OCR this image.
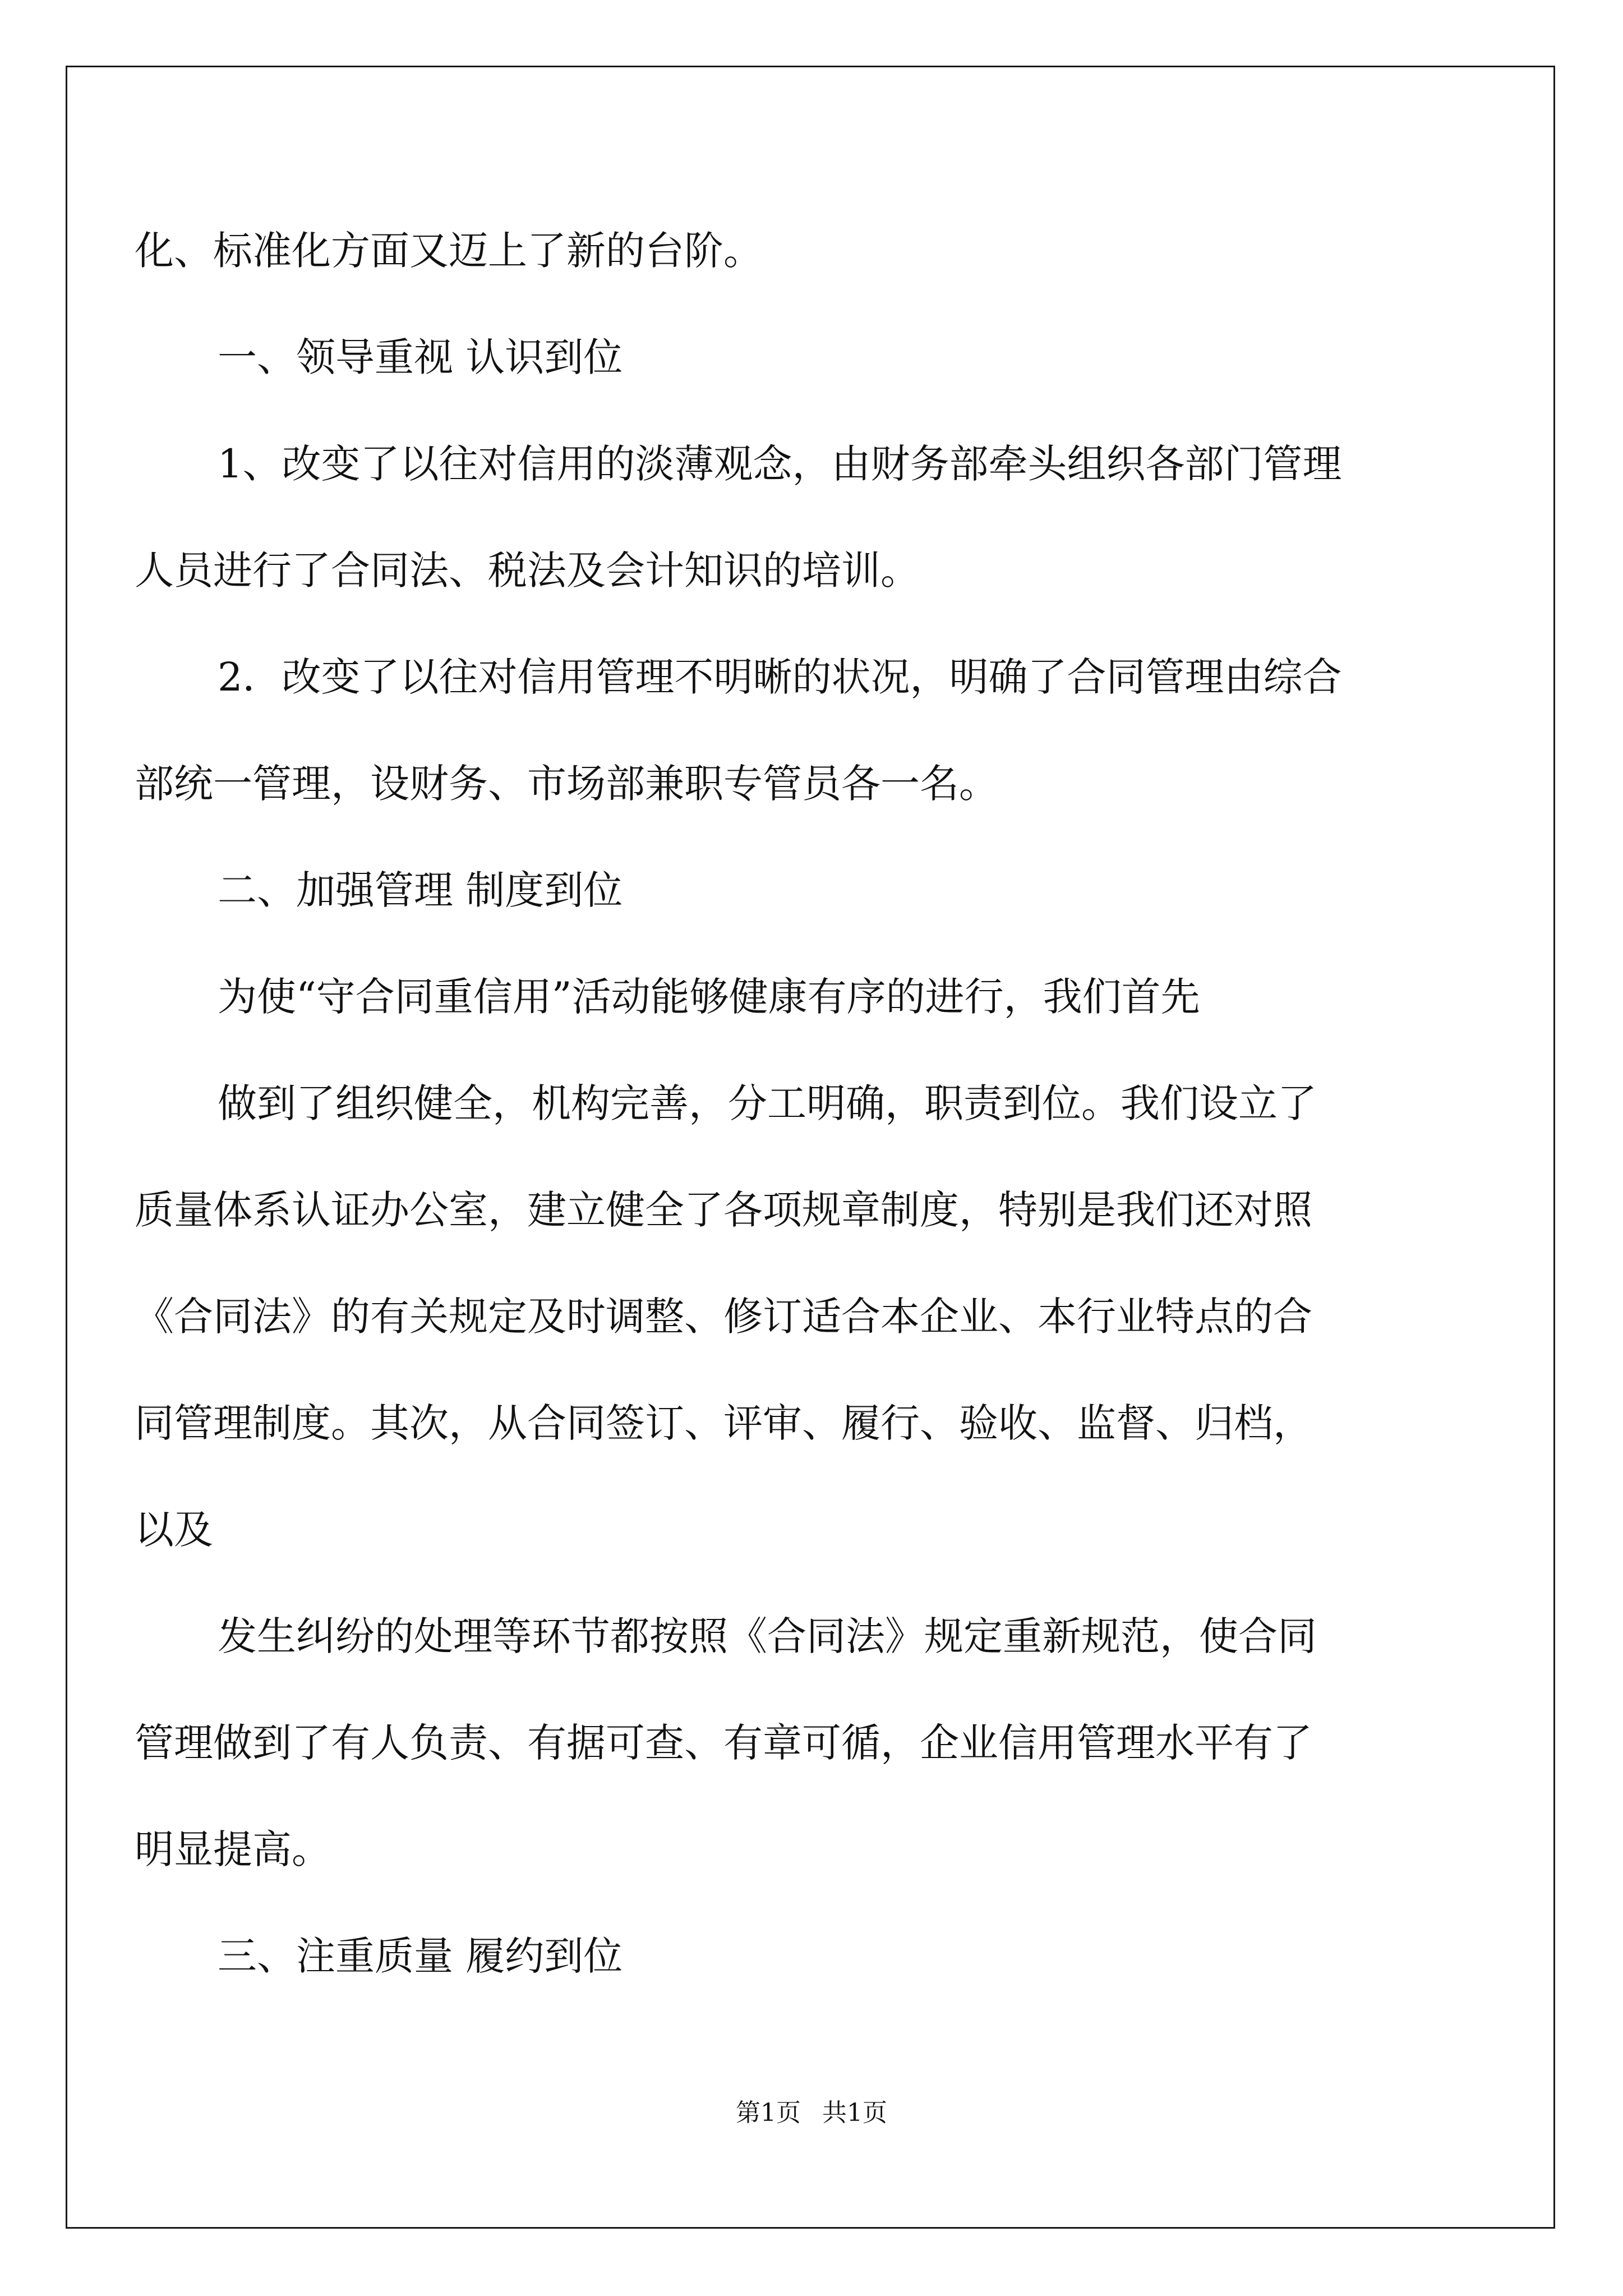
化、标准化方面又迈上了新的台阶。
一、领导重视 认识到位
1、改变了以往对信用的淡薄观念，由财务部牵头组织各部门管理
人员进行了合同法、税法及会计知识的培训。
2．改变了以往对信用管理不明晰的状况，明确了合同管理由综合
部统一管理，设财务、市场部兼职专管员各一名。
二、加强管理 制度到位
为使“守合同重信用”活动能够健康有序的进行，我们首先
做到了组织健全，机构完善，分工明确，职责到位。我们设立了
质量体系认证办公室，建立健全了各项规章制度，特别是我们还对照
《合同法》的有关规定及时调整、修订适合本企业、本行业特点的合
同管理制度。其次，从合同签订、评审、履行、验收、监督、归档，
以及
发生纠纷的处理等环节都按照《合同法》规定重新规范，使合同
管理做到了有人负责、有据可查、有章可循，企业信用管理水平有了
明显提高。
三、注重质量 履约到位
第1页 共1页
